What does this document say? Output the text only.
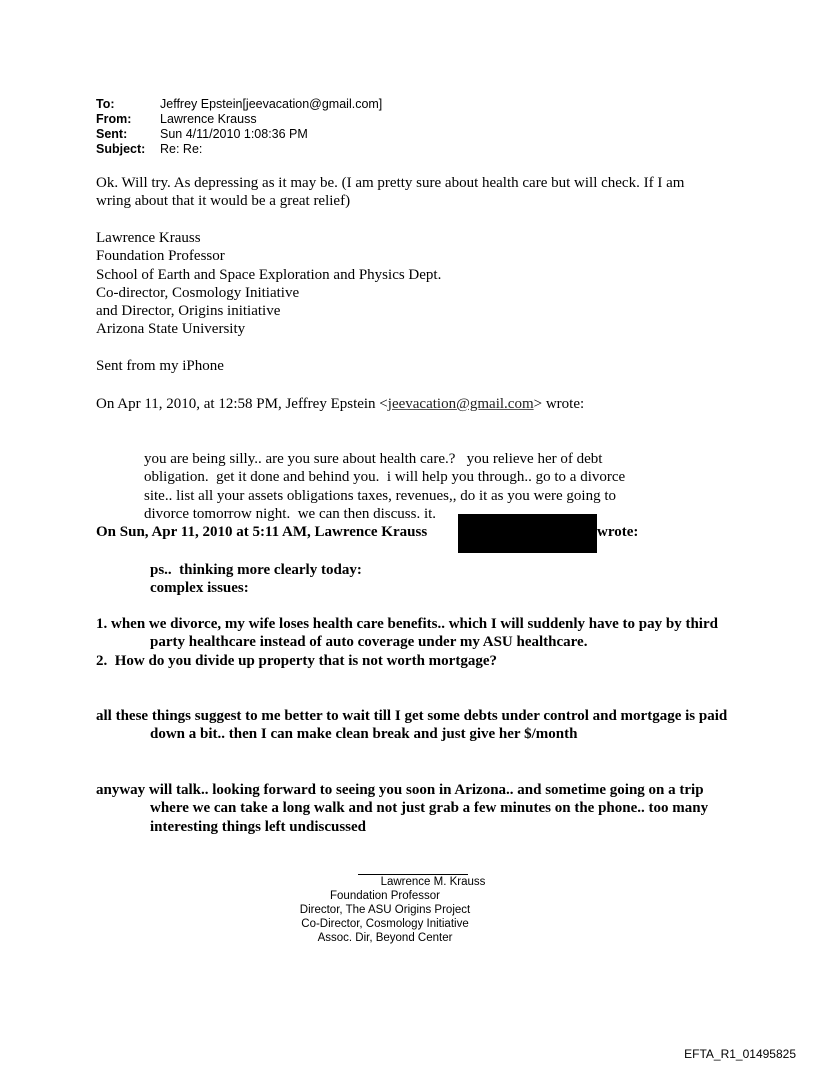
To:	Jeffrey Epstein[jeevacation@gmail.com]
From:	Lawrence Krauss
Sent:	Sun 4/11/2010 1:08:36 PM
Subject:	Re: Re:

Ok. Will try. As depressing as it may be. (I am pretty sure about health care but will check. If I am

wring about that it would be a great relief)

Lawrence Krauss

Foundation Professor

School of Earth and Space Exploration and Physics Dept.

Co-director, Cosmology Initiative

and Director, Origins initiative

Arizona State University

Sent from my iPhone

On Apr 11, 2010, at 12:58 PM, Jeffrey Epstein <jeevacation@gmail.com> wrote:

you are being silly.. are you sure about health care.?   you relieve her of debt

obligation.  get it done and behind you.  i will help you through.. go to a divorce

site.. list all your assets obligations taxes, revenues,, do it as you were going to

divorce tomorrow night.  we can then discuss. it.

On Sun, Apr 11, 2010 at 5:11 AM, Lawrence Krauss	wrote:

ps..  thinking more clearly today:

complex issues:

1. when we divorce, my wife loses health care benefits.. which I will suddenly have to pay by third party healthcare instead of auto coverage under my ASU healthcare.

2.  How do you divide up property that is not worth mortgage?

all these things suggest to me better to wait till I get some debts under control and mortgage is paid down a bit.. then I can make clean break and just give her $/month

anyway will talk.. looking forward to seeing you soon in Arizona.. and sometime going on a trip where we can take a long walk and not just grab a few minutes on the phone.. too many interesting things left undiscussed

Lawrence M. Krauss
Foundation Professor
Director, The ASU Origins Project
Co-Director, Cosmology Initiative
Assoc. Dir, Beyond Center
EFTA_R1_01495825
